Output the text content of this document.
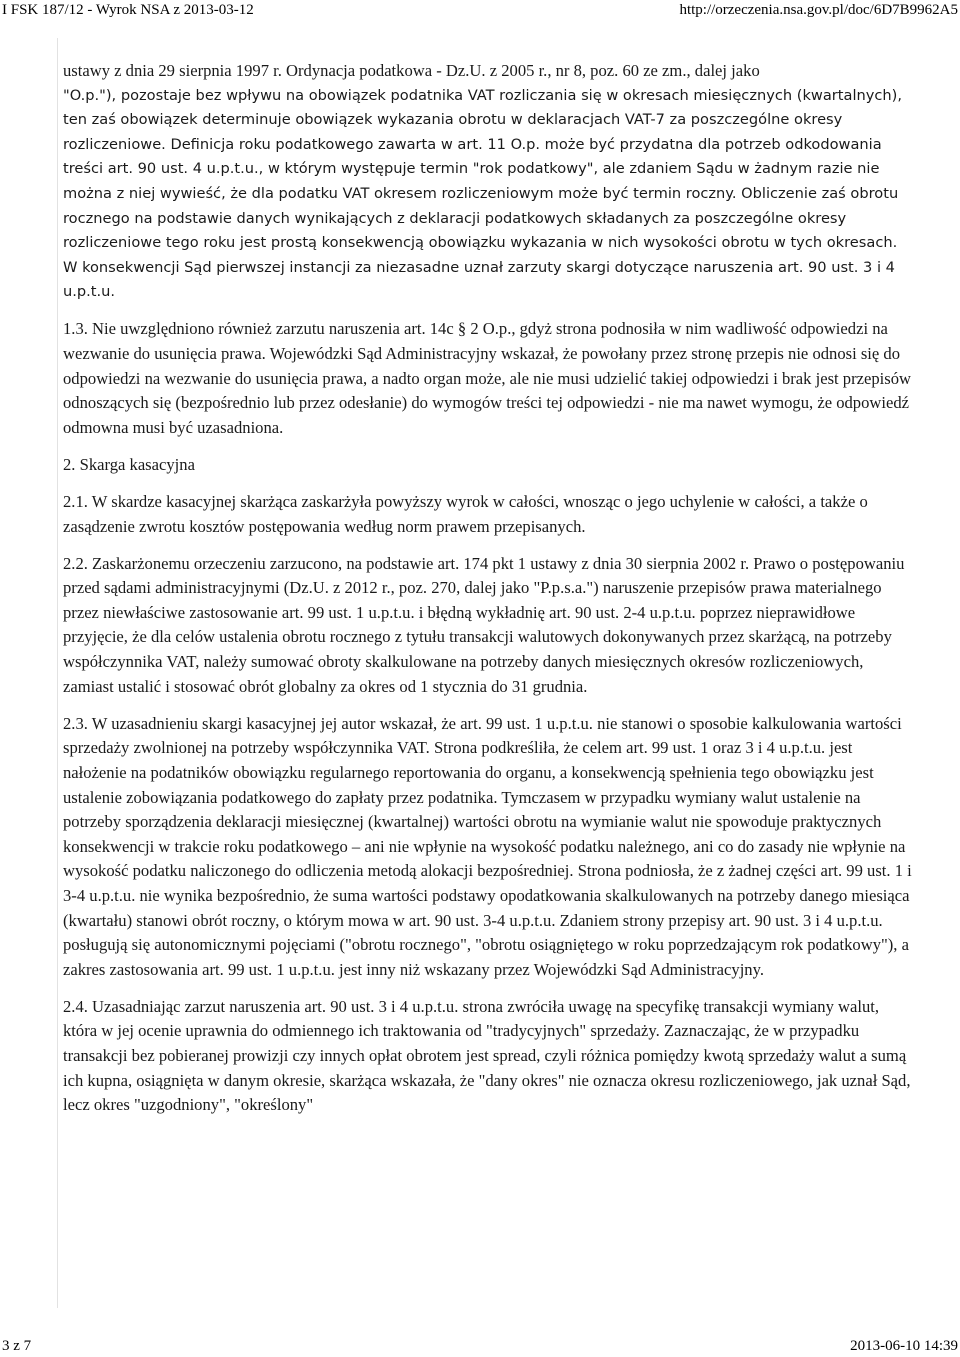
I FSK 187/12 - Wyrok NSA z 2013-03-12	http://orzeczenia.nsa.gov.pl/doc/6D7B9962A5

ustawy z dnia 29 sierpnia 1997 r. Ordynacja podatkowa - Dz.U. z 2005 r., nr 8, poz. 60 ze zm., dalej jako

"O.p."), pozostaje bez wpływu na obowiązek podatnika VAT rozliczania się w okresach miesięcznych (kwartalnych), ten zaś obowiązek determinuje obowiązek wykazania obrotu w deklaracjach VAT-7 za poszczególne okresy rozliczeniowe. Definicja roku podatkowego zawarta w art. 11 O.p. może być przydatna dla potrzeb odkodowania treści art. 90 ust. 4 u.p.t.u., w którym występuje termin "rok podatkowy", ale zdaniem Sądu w żadnym razie nie można z niej wywieść, że dla podatku VAT okresem rozliczeniowym może być termin roczny. Obliczenie zaś obrotu rocznego na podstawie danych wynikających z deklaracji podatkowych składanych za poszczególne okresy rozliczeniowe tego roku jest prostą konsekwencją obowiązku wykazania w nich wysokości obrotu w tych okresach. W konsekwencji Sąd pierwszej instancji za niezasadne uznał zarzuty skargi dotyczące naruszenia art. 90 ust. 3 i 4 u.p.t.u.

1.3. Nie uwzględniono również zarzutu naruszenia art. 14c § 2 O.p., gdyż strona podnosiła w nim wadliwość odpowiedzi na wezwanie do usunięcia prawa. Wojewódzki Sąd Administracyjny wskazał, że powołany przez stronę przepis nie odnosi się do odpowiedzi na wezwanie do usunięcia prawa, a nadto organ może, ale nie musi udzielić takiej odpowiedzi i brak jest przepisów odnoszących się (bezpośrednio lub przez odesłanie) do wymogów treści tej odpowiedzi - nie ma nawet wymogu, że odpowiedź odmowna musi być uzasadniona.

2. Skarga kasacyjna

2.1. W skardze kasacyjnej skarżąca zaskarżyła powyższy wyrok w całości, wnosząc o jego uchylenie w całości, a także o zasądzenie zwrotu kosztów postępowania według norm prawem przepisanych.

2.2. Zaskarżonemu orzeczeniu zarzucono, na podstawie art. 174 pkt 1 ustawy z dnia 30 sierpnia 2002 r. Prawo o postępowaniu przed sądami administracyjnymi (Dz.U. z 2012 r., poz. 270, dalej jako "P.p.s.a.") naruszenie przepisów prawa materialnego przez niewłaściwe zastosowanie art. 99 ust. 1 u.p.t.u. i błędną wykładnię art. 90 ust. 2-4 u.p.t.u. poprzez nieprawidłowe przyjęcie, że dla celów ustalenia obrotu rocznego z tytułu transakcji walutowych dokonywanych przez skarżącą, na potrzeby współczynnika VAT, należy sumować obroty skalkulowane na potrzeby danych miesięcznych okresów rozliczeniowych, zamiast ustalić i stosować obrót globalny za okres od 1 stycznia do 31 grudnia.

2.3. W uzasadnieniu skargi kasacyjnej jej autor wskazał, że art. 99 ust. 1 u.p.t.u. nie stanowi o sposobie kalkulowania wartości sprzedaży zwolnionej na potrzeby współczynnika VAT. Strona podkreśliła, że celem art. 99 ust. 1 oraz 3 i 4 u.p.t.u. jest nałożenie na podatników obowiązku regularnego reportowania do organu, a konsekwencją spełnienia tego obowiązku jest ustalenie zobowiązania podatkowego do zapłaty przez podatnika. Tymczasem w przypadku wymiany walut ustalenie na potrzeby sporządzenia deklaracji miesięcznej (kwartalnej) wartości obrotu na wymianie walut nie spowoduje praktycznych konsekwencji w trakcie roku podatkowego – ani nie wpłynie na wysokość podatku należnego, ani co do zasady nie wpłynie na wysokość podatku naliczonego do odliczenia metodą alokacji bezpośredniej. Strona podniosła, że z żadnej części art. 99 ust. 1 i 3-4 u.p.t.u. nie wynika bezpośrednio, że suma wartości podstawy opodatkowania skalkulowanych na potrzeby danego miesiąca (kwartału) stanowi obrót roczny, o którym mowa w art. 90 ust. 3-4 u.p.t.u. Zdaniem strony przepisy art. 90 ust. 3 i 4 u.p.t.u. posługują się autonomicznymi pojęciami ("obrotu rocznego", "obrotu osiągniętego w roku poprzedzającym rok podatkowy"), a zakres zastosowania art. 99 ust. 1 u.p.t.u. jest inny niż wskazany przez Wojewódzki Sąd Administracyjny.

2.4. Uzasadniając zarzut naruszenia art. 90 ust. 3 i 4 u.p.t.u. strona zwróciła uwagę na specyfikę transakcji wymiany walut, która w jej ocenie uprawnia do odmiennego ich traktowania od "tradycyjnych" sprzedaży. Zaznaczając, że w przypadku transakcji bez pobieranej prowizji czy innych opłat obrotem jest spread, czyli różnica pomiędzy kwotą sprzedaży walut a sumą ich kupna, osiągnięta w danym okresie, skarżąca wskazała, że "dany okres" nie oznacza okresu rozliczeniowego, jak uznał Sąd, lecz okres "uzgodniony", "określony"

3 z 7	2013-06-10 14:39
